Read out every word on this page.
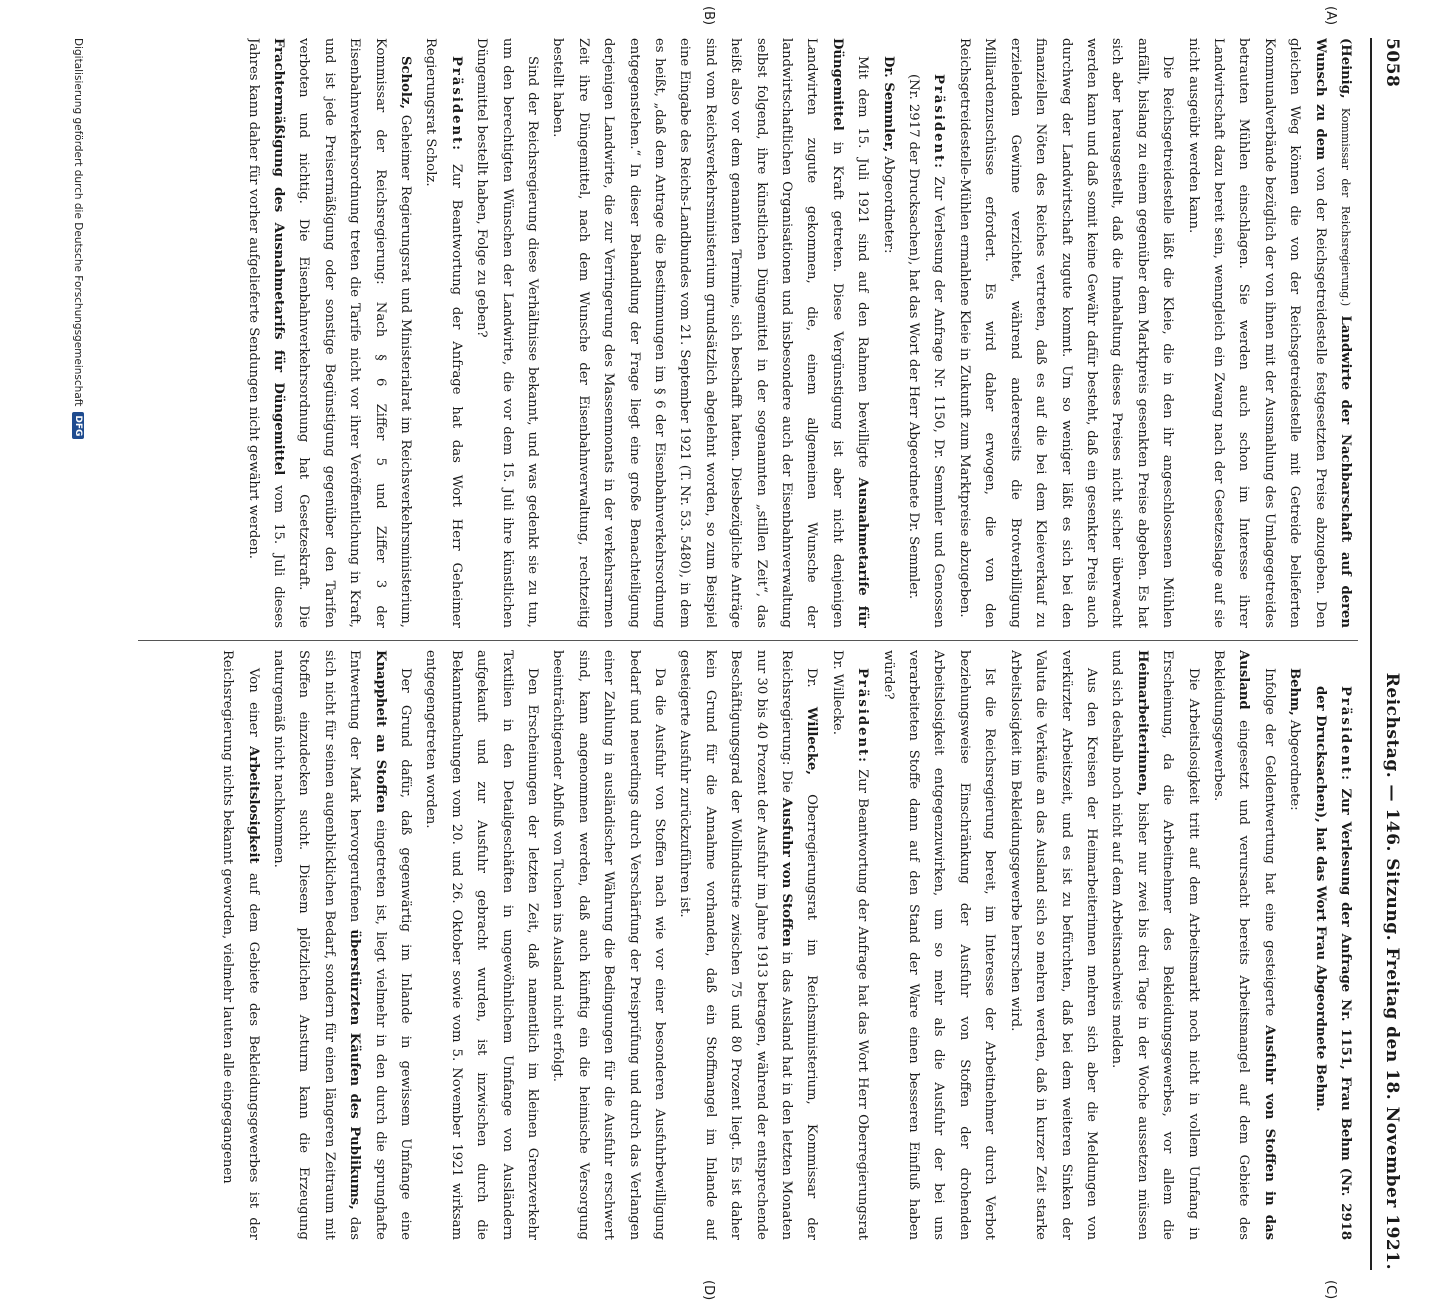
5058
Reichstag. — 146. Sitzung. Freitag den 18. November 1921.
(A)
(B)
(C)
(D)

(Heinig, Kommissar der Reichsregierung.) Landwirte der Nachbarschaft auf deren Wunsch zu dem von der Reichsgetreidestelle festgesetzten Preise abzugeben. Den gleichen Weg können die von der Reichsgetreidestelle mit Getreide belieferten Kommunalverbände bezüglich der von ihnen mit der Ausmahlung des Umlagegetreides betrauten Mühlen einschlagen. Sie werden auch schon im Interesse ihrer Landwirtschaft dazu bereit sein, wenngleich ein Zwang nach der Gesetzeslage auf sie nicht ausgeübt werden kann.

Die Reichsgetreidestelle läßt die Kleie, die in den ihr angeschlossenen Mühlen anfällt, bislang zu einem gegenüber dem Marktpreis gesenkten Preise abgeben. Es hat sich aber herausgestellt, daß die Innehaltung dieses Preises nicht sicher überwacht werden kann und daß somit keine Gewähr dafür besteht, daß ein gesenkter Preis auch durchweg der Landwirtschaft zugute kommt. Um so weniger läßt es sich bei den finanziellen Nöten des Reiches vertreten, daß es auf die bei dem Kleieverkauf zu erzielenden Gewinne verzichtet, während andererseits die Brotverbilligung Milliardenzuschüsse erfordert. Es wird daher erwogen, die von den Reichsgetreidestelle-Mühlen ermahlene Kleie in Zukunft zum Marktpreise abzugeben.

Präsident: Zur Verlesung der Anfrage Nr. 1150, Dr. Semmler und Genossen (Nr. 2917 der Drucksachen), hat das Wort der Herr Abgeordnete Dr. Semmler.

Dr. Semmler, Abgeordneter:

Mit dem 15. Juli 1921 sind auf den Rahmen bewilligte Ausnahmetarife für Düngemittel in Kraft getreten. Diese Vergünstigung ist aber nicht denjenigen Landwirten zugute gekommen, die, einem allgemeinen Wunsche der landwirtschaftlichen Organisationen und insbesondere auch der Eisenbahnverwaltung selbst folgend, ihre künstlichen Düngemittel in der sogenannten „stillen Zeit“, das heißt also vor dem genannten Termine, sich beschafft hatten. Diesbezügliche Anträge sind vom Reichsverkehrsministerium grundsätzlich abgelehnt worden, so zum Beispiel eine Eingabe des Reichs-Landbundes vom 21. September 1921 (T. Nr. 53. 5480), in dem es heißt, „daß dem Antrage die Bestimmungen im § 6 der Eisenbahnverkehrsordnung entgegenstehen.“ In dieser Behandlung der Frage liegt eine große Benachteiligung derjenigen Landwirte, die zur Verringerung des Massenmonats in der verkehrsarmen Zeit ihre Düngemittel, nach dem Wunsche der Eisenbahnverwaltung, rechtzeitig bestellt haben.

Sind der Reichsregierung diese Verhältnisse bekannt, und was gedenkt sie zu tun, um den berechtigten Wünschen der Landwirte, die vor dem 15. Juli ihre künstlichen Düngemittel bestellt haben, Folge zu geben?

Präsident: Zur Beantwortung der Anfrage hat das Wort Herr Geheimer Regierungsrat Scholz.

Scholz, Geheimer Regierungsrat und Ministerialrat im Reichsverkehrsministerium, Kommissar der Reichsregierung: Nach § 6 Ziffer 5 und Ziffer 3 der Eisenbahnverkehrsordnung treten die Tarife nicht vor ihrer Veröffentlichung in Kraft, und ist jede Preisermäßigung oder sonstige Begünstigung gegenüber den Tarifen verboten und nichtig. Die Eisenbahnverkehrsordnung hat Gesetzeskraft. Die Frachtermäßigung des Ausnahmetarifs für Düngemittel vom 15. Juli dieses Jahres kann daher für vorher aufgelieferte Sendungen nicht gewährt werden.

Präsident: Zur Verlesung der Anfrage Nr. 1151, Frau Behm (Nr. 2918 der Drucksachen), hat das Wort Frau Abgeordnete Behm.

Behm, Abgeordnete:

Infolge der Geldentwertung hat eine gesteigerte Ausfuhr von Stoffen in das Ausland eingesetzt und verursacht bereits Arbeitsmangel auf dem Gebiete des Bekleidungsgewerbes.

Die Arbeitslosigkeit tritt auf dem Arbeitsmarkt noch nicht in vollem Umfang in Erscheinung, da die Arbeitnehmer des Bekleidungsgewerbes, vor allem die Heimarbeiterinnen, bisher nur zwei bis drei Tage in der Woche aussetzen müssen und sich deshalb noch nicht auf dem Arbeitsnachweis melden.

Aus den Kreisen der Heimarbeiterinnen mehren sich aber die Meldungen von verkürzter Arbeitszeit, und es ist zu befürchten, daß bei dem weiteren Sinken der Valuta die Verkäufe an das Ausland sich so mehren werden, daß in kurzer Zeit starke Arbeitslosigkeit im Bekleidungsgewerbe herrschen wird.

Ist die Reichsregierung bereit, im Interesse der Arbeitnehmer durch Verbot beziehungsweise Einschränkung der Ausfuhr von Stoffen der drohenden Arbeitslosigkeit entgegenzuwirken, um so mehr als die Ausfuhr der bei uns verarbeiteten Stoffe dann auf den Stand der Ware einen besseren Einfluß haben würde?

Präsident: Zur Beantwortung der Anfrage hat das Wort Herr Oberregierungsrat Dr. Willecke.

Dr. Willecke, Oberregierungsrat im Reichsministerium, Kommissar der Reichsregierung: Die Ausfuhr von Stoffen in das Ausland hat in den letzten Monaten nur 30 bis 40 Prozent der Ausfuhr im Jahre 1913 betragen, während der entsprechende Beschäftigungsgrad der Wollindustrie zwischen 75 und 80 Prozent liegt. Es ist daher kein Grund für die Annahme vorhanden, daß ein Stoffmangel im Inlande auf gesteigerte Ausfuhr zurückzuführen ist.

Da die Ausfuhr von Stoffen nach wie vor einer besonderen Ausfuhrbewilligung bedarf und neuerdings durch Verschärfung der Preisprüfung und durch das Verlangen einer Zahlung in ausländischer Währung die Bedingungen für die Ausfuhr erschwert sind, kann angenommen werden, daß auch künftig ein die heimische Versorgung beeinträchtigender Abfluß von Tuchen ins Ausland nicht erfolgt.

Den Erscheinungen der letzten Zeit, daß namentlich im kleinen Grenzverkehr Textilien in den Detailgeschäften in ungewöhnlichem Umfange von Ausländern aufgekauft und zur Ausfuhr gebracht wurden, ist inzwischen durch die Bekanntmachungen vom 20. und 26. Oktober sowie vom 5. November 1921 wirksam entgegengetreten worden.

Der Grund dafür, daß gegenwärtig im Inlande in gewissem Umfange eine Knappheit an Stoffen eingetreten ist, liegt vielmehr in den durch die sprunghafte Entwertung der Mark hervorgerufenen überstürzten Käufen des Publikums, das sich nicht für seinen augenblicklichen Bedarf, sondern für einen längeren Zeitraum mit Stoffen einzudecken sucht. Diesem plötzlichen Ansturm kann die Erzeugung naturgemäß nicht nachkommen.

Von einer Arbeitslosigkeit auf dem Gebiete des Bekleidungsgewerbes ist der Reichsregierung nichts bekannt geworden, vielmehr lauten alle eingegangenen

Digitalisierung gefördert durch die Deutsche Forschungsgemeinschaft
DFG
